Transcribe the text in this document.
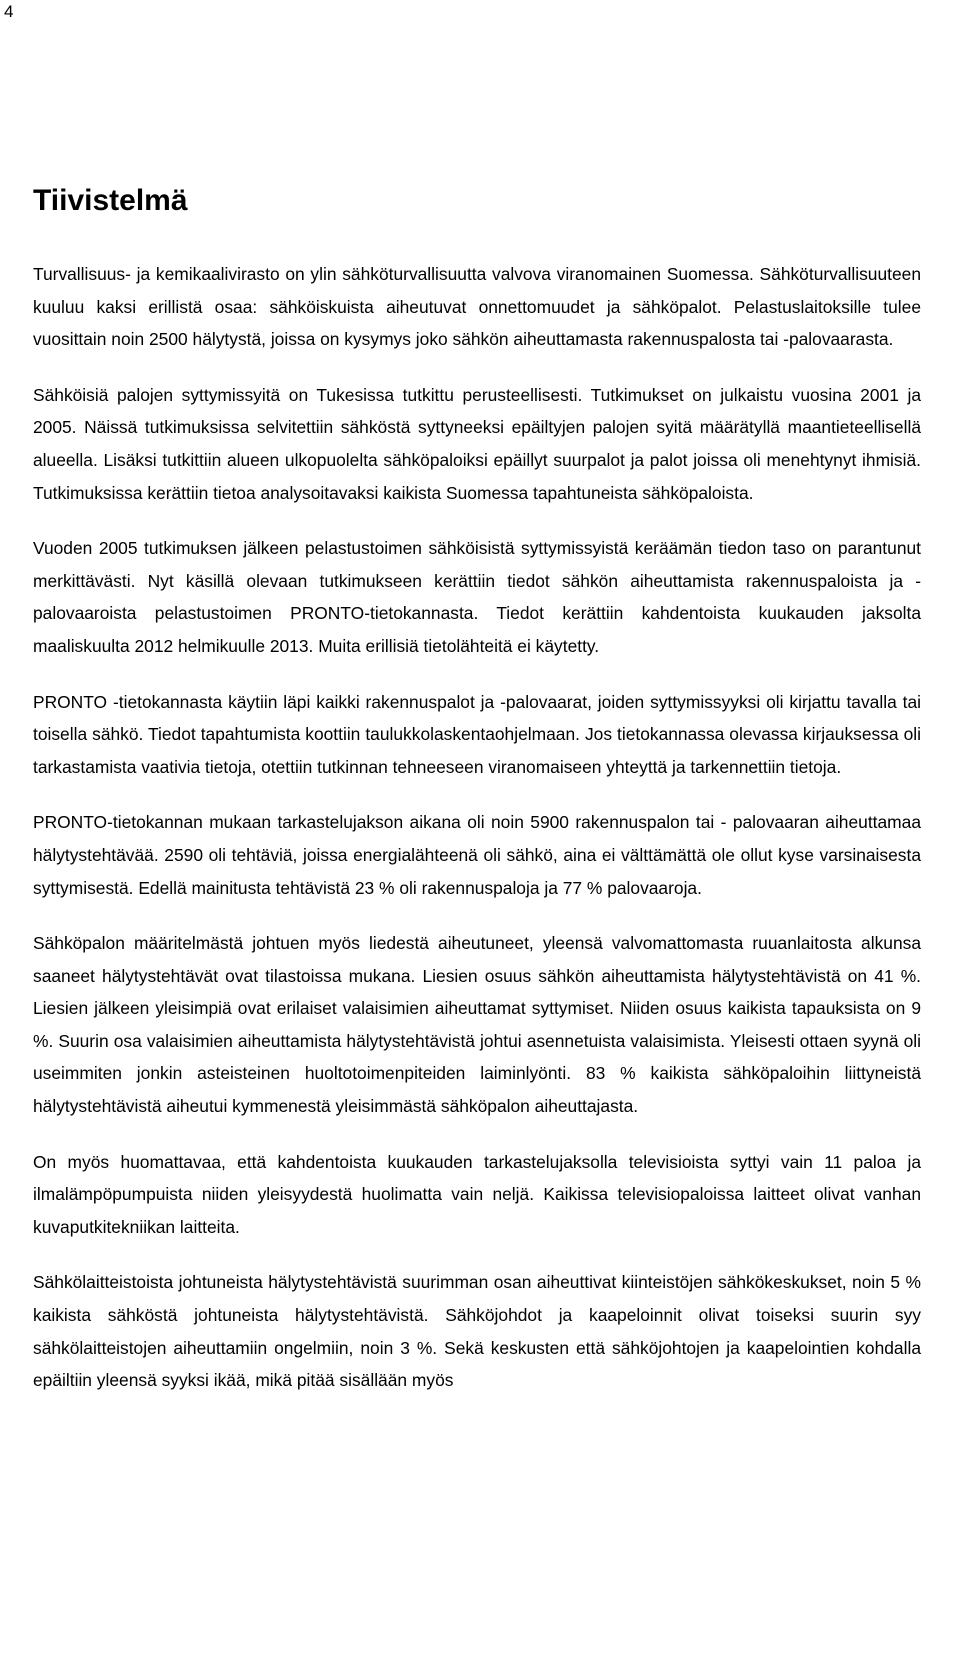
4
Tiivistelmä

Turvallisuus- ja kemikaalivirasto on ylin sähköturvallisuutta valvova viranomainen Suomessa. Sähköturvallisuuteen kuuluu kaksi erillistä osaa: sähköiskuista aiheutuvat onnettomuudet ja sähköpalot. Pelastuslaitoksille tulee vuosittain noin 2500 hälytystä, joissa on kysymys joko sähkön aiheuttamasta rakennuspalosta tai -palovaarasta.

Sähköisiä palojen syttymissyitä on Tukesissa tutkittu perusteellisesti. Tutkimukset on julkaistu vuosina 2001 ja 2005. Näissä tutkimuksissa selvitettiin sähköstä syttyneeksi epäiltyjen palojen syitä määrätyllä maantieteellisellä alueella. Lisäksi tutkittiin alueen ulkopuolelta sähköpaloiksi epäillyt suurpalot ja palot joissa oli menehtynyt ihmisiä. Tutkimuksissa kerättiin tietoa analysoitavaksi kaikista Suomessa tapahtuneista sähköpaloista.

Vuoden 2005 tutkimuksen jälkeen pelastustoimen sähköisistä syttymissyistä keräämän tiedon taso on parantunut merkittävästi. Nyt käsillä olevaan tutkimukseen kerättiin tiedot sähkön aiheuttamista rakennuspaloista ja -palovaaroista pelastustoimen PRONTO-tietokannasta. Tiedot kerättiin kahdentoista kuukauden jaksolta maaliskuulta 2012 helmikuulle 2013. Muita erillisiä tietolähteitä ei käytetty.

PRONTO -tietokannasta käytiin läpi kaikki rakennuspalot ja -palovaarat, joiden syttymissyyksi oli kirjattu tavalla tai toisella sähkö. Tiedot tapahtumista koottiin taulukkolaskentaohjelmaan. Jos tietokannassa olevassa kirjauksessa oli tarkastamista vaativia tietoja, otettiin tutkinnan tehneeseen viranomaiseen yhteyttä ja tarkennettiin tietoja.

PRONTO-tietokannan mukaan tarkastelujakson aikana oli noin 5900 rakennuspalon tai - palovaaran aiheuttamaa hälytystehtävää. 2590 oli tehtäviä, joissa energialähteenä oli sähkö, aina ei välttämättä ole ollut kyse varsinaisesta syttymisestä. Edellä mainitusta tehtävistä 23 % oli rakennuspaloja ja 77 % palovaaroja.

Sähköpalon määritelmästä johtuen myös liedestä aiheutuneet, yleensä valvomattomasta ruuanlaitosta alkunsa saaneet hälytystehtävät ovat tilastoissa mukana. Liesien osuus sähkön aiheuttamista hälytystehtävistä on 41 %. Liesien jälkeen yleisimpiä ovat erilaiset valaisimien aiheuttamat syttymiset. Niiden osuus kaikista tapauksista on 9 %. Suurin osa valaisimien aiheuttamista hälytystehtävistä johtui asennetuista valaisimista. Yleisesti ottaen syynä oli useimmiten jonkin asteisteinen huoltotoimenpiteiden laiminlyönti. 83 % kaikista sähköpaloihin liittyneistä hälytystehtävistä aiheutui kymmenestä yleisimmästä sähköpalon aiheuttajasta.

On myös huomattavaa, että kahdentoista kuukauden tarkastelujaksolla televisioista syttyi vain 11 paloa ja ilmalämpöpumpuista niiden yleisyydestä huolimatta vain neljä. Kaikissa televisiopaloissa laitteet olivat vanhan kuvaputkitekniikan laitteita.

Sähkölaitteistoista johtuneista hälytystehtävistä suurimman osan aiheuttivat kiinteistöjen sähkökeskukset, noin 5 % kaikista sähköstä johtuneista hälytystehtävistä. Sähköjohdot ja kaapeloinnit olivat toiseksi suurin syy sähkölaitteistojen aiheuttamiin ongelmiin, noin 3 %. Sekä keskusten että sähköjohtojen ja kaapelointien kohdalla epäiltiin yleensä syyksi ikää, mikä pitää sisällään myös
